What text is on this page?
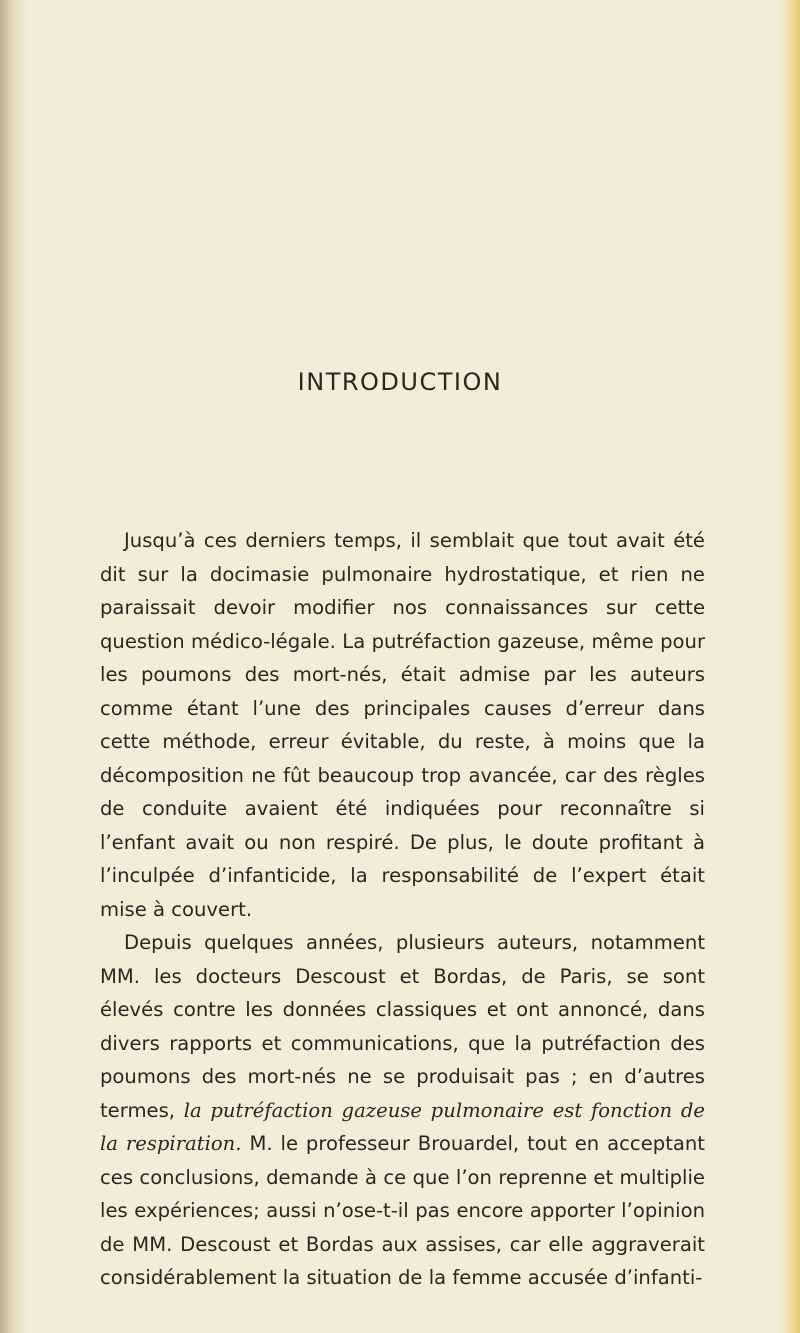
INTRODUCTION

Jusqu’à ces derniers temps, il semblait que tout avait été dit sur la docimasie pulmonaire hydrostatique, et rien ne paraissait devoir modifier nos connaissances sur cette question médico-légale. La putréfaction gazeuse, même pour les poumons des mort-nés, était admise par les auteurs comme étant l’une des principales causes d’erreur dans cette méthode, erreur évitable, du reste, à moins que la décomposition ne fût beaucoup trop avancée, car des règles de conduite avaient été indiquées pour reconnaître si l’enfant avait ou non respiré. De plus, le doute profitant à l’inculpée d’infanticide, la responsabilité de l’expert était mise à couvert.

Depuis quelques années, plusieurs auteurs, notamment MM. les docteurs Descoust et Bordas, de Paris, se sont élevés contre les données classiques et ont annoncé, dans divers rapports et communications, que la putréfaction des poumons des mort-nés ne se produisait pas ; en d’autres termes, la putréfaction gazeuse pulmonaire est fonction de la respiration. M. le professeur Brouardel, tout en acceptant ces conclusions, demande à ce que l’on reprenne et multiplie les expériences; aussi n’ose-t-il pas encore apporter l’opinion de MM. Descoust et Bordas aux assises, car elle aggraverait considérablement la situation de la femme accusée d’infanti-
